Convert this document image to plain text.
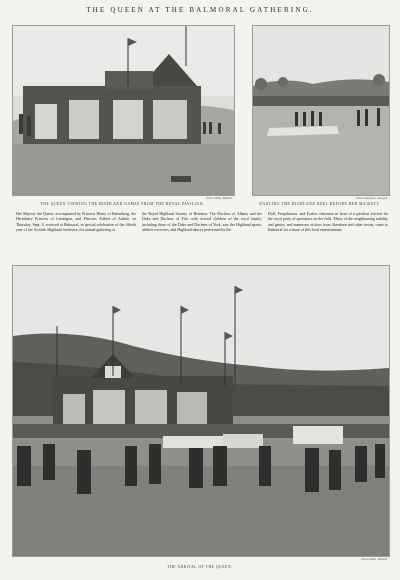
THE QUEEN AT THE BALMORAL GATHERING.
Photo Milne, Ballater.
THE QUEEN VIEWING THE HIGHLAND GAMES FROM THE ROYAL PAVILION.
Photo Lafayette, Glasgow.
DANCING THE HIGHLAND REEL BEFORE HER MAJESTY.

Her Majesty the Queen, accompanied by Princess Henry of Battenberg, the Hereditary Princess of Leiningen, and Princess Aribert of Anhalt, on Thursday, Sept. 8, received at Balmoral, in special celebration of the fiftieth year of her Scottish Highland residence, the annual gathering of

the Royal Highland Society of Braemar. The Duchess of Albany and the Duke and Duchess of Fife, with several children of the royal family, including those of the Duke and Duchess of York, saw the Highland sports, athletic exercises, and Highland dances performed by the

Duff, Farquharson, and Forbes clansmen in front of a pavilion erected for the royal party of spectators on the field. Many of the neighbouring nobility and gentry, and numerous visitors from Aberdeen and other towns, came to Balmoral for a share of this local entertainment.

Photo Milne, Ballater.
THE ARRIVAL OF THE QUEEN.
